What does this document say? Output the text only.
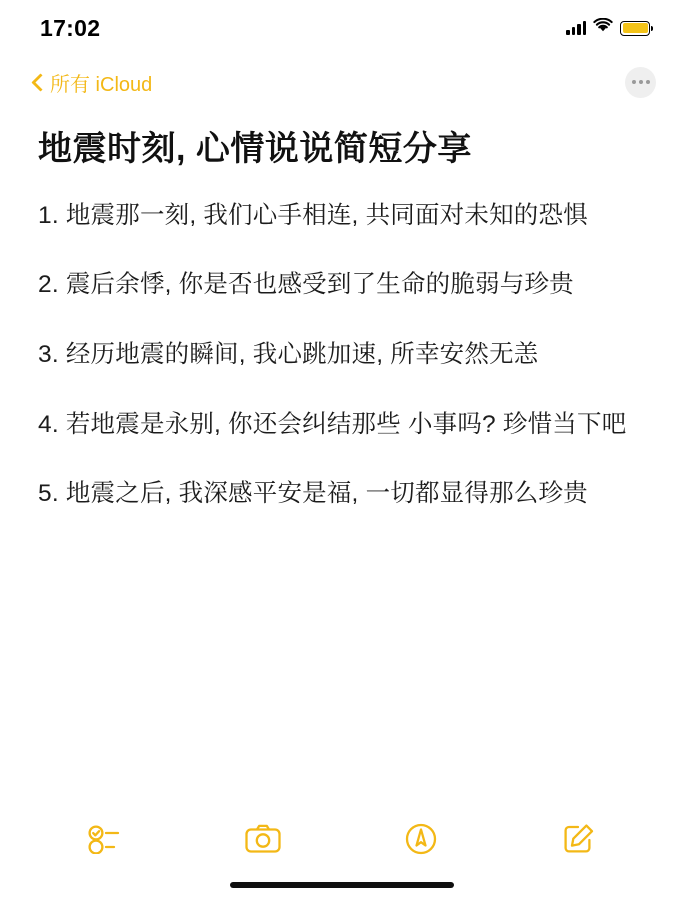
17:02
所有 iCloud
地震时刻, 心情说说简短分享
1. 地震那一刻, 我们心手相连, 共同面对未知的恐惧
2. 震后余悸, 你是否也感受到了生命的脆弱与珍贵
3. 经历地震的瞬间, 我心跳加速, 所幸安然无恙
4. 若地震是永别, 你还会纠结那些 小事吗? 珍惜当下吧
5. 地震之后, 我深感平安是福, 一切都显得那么珍贵
